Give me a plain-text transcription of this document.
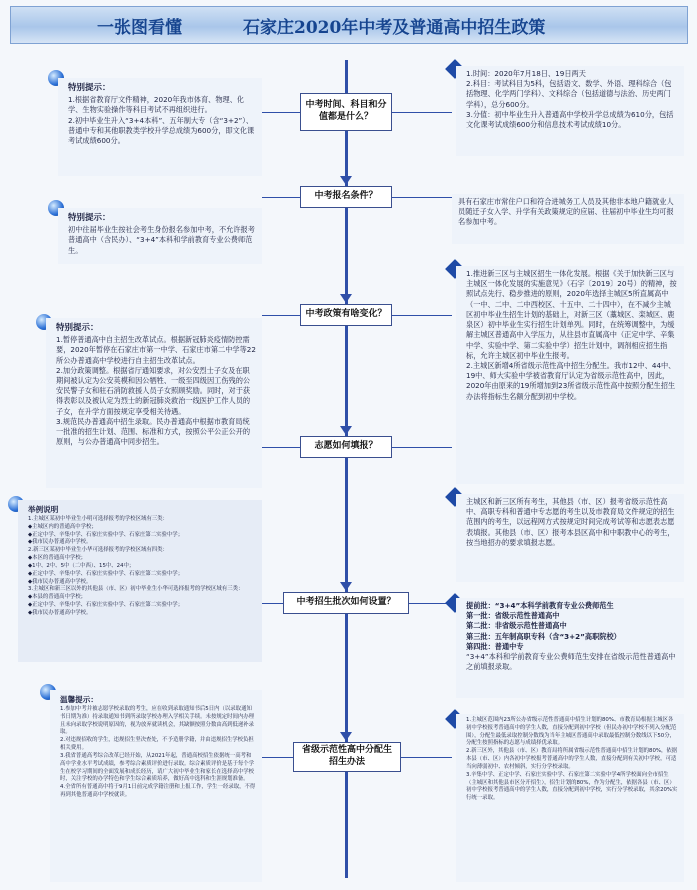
一张图看懂	石家庄2020年中考及普通高中招生政策
中考时间、科目和分值都是什么？
中考报名条件？
中考政策有啥变化？
志愿如何填报？
中考招生批次如何设置？
省级示范性高中分配生招生办法
特别提示：
1.根据省教育厅文件精神，2020年我市体育、物理、化学、生物实验操作等科目考试不再组织进行。
2.初中毕业生升入“3+4本科”、五年制大专（含“3+2”）、普通中专和其他职教类学校升学总成绩为600分，即文化课考试成绩600分。
特别提示：
初中往届毕业生按社会考生身份报名参加中考，不允许报考普通高中（含民办）、“3+4”本科和学前教育专业公费师范生。
特别提示：
1.暂停普通高中自主招生改革试点。根据新冠肺炎疫情防控需要，2020年暂停在石家庄市第一中学、石家庄市第二中学等22所公办普通高中学校进行自主招生改革试点。
2.加分政策调整。根据省厅通知要求，对公安烈士子女及在职期间被认定为公安英模和因公牺牲、一级至四级因工伤残的公安民警子女和驻石消防救援人员子女照顾奖励。同时，对于获得表彰以及被认定为烈士的新冠肺炎救治一线医护工作人员的子女，在升学方面按规定享受相关待遇。
3.规范民办普通高中招生录取。民办普通高中根据市教育局统一批准的招生计划、范围、标准和方式，按照公平公正公开的原则，与公办普通高中同步招生。
举例说明
1.主城区某初中毕业生小明可选择报考的学校区域有三类：
◆主城区内的普通高中学校；
◆正定中学、辛集中学、石家庄实验中学、石家庄第二实验中学；
◆我市民办普通高中学校。
2.新三区某初中毕业生小华可选择报考的学校区域有四类：
◆本区的普通高中学校；
◆1中、2中、5中（二中西）、15中、24中；
◆正定中学、辛集中学、石家庄实验中学、石家庄第二实验中学；
◆我市民办普通高中学校。
3.主城区和新三区以外的其他县（市、区）初中毕业生小华可选择报考的学校区域有三类：
◆本县的普通高中学校；
◆正定中学、辛集中学、石家庄实验中学、石家庄第二实验中学；
◆我市民办普通高中学校。
温馨提示：
1.参加中考并被志愿学校录取的考生，应在收到录取通知书后5日内（以录取通知书日期为准）持录取通知书到所录取学校办理入学相关手续。未按规定时间内办理且未向录取学校说明原因的，视为放弃就读机会，其缺额按照分数由高到低递补录取。
2.对违规招收的学生，违规招生坚决查处，不予造册学籍，并由违规招生学校负担相关费用。
3.我省普通高考综合改革已经开始，从2021年起，普通高校招生依据统一高考和高中学业水平考试成绩，参考综合素质评价进行录取。综合素质评价是基于每个学生在校学习期间的全面发展和成长经历，请广大初中毕业生和家长在选择高中学校时，关注学校的办学特色和学生综合素质培养，做好高中选科和生涯规划准备。
4.全省所有普通高中将于9月1日前完成学籍注册和上报工作，学生一经录取，不得再到其他普通高中学校就读。
1.时间：2020年7月18日、19日两天
2.科目：考试科目为5科，包括语文、数学、外语、理科综合（包括物理、化学两门学科）、文科综合（包括道德与法治、历史两门学科），总分600分。
3.分值：初中毕业生升入普通高中学校升学总成绩为610分，包括文化课考试成绩600分和信息技术考试成绩10分。
具有石家庄市常住户口和符合进城务工人员及其他非本地户籍就业人员随迁子女入学、升学有关政策规定的应届、往届初中毕业生均可报名参加中考。
1.推进新三区与主城区招生一体化发展。根据《关于加快新三区与主城区一体化发展的实施意见》（石字〔2019〕20号）的精神，按照试点先行、稳步推进的原则，2020年选择主城区5所直属高中（一中、二中、二中西校区、十五中、二十四中），在不减少主城区初中毕业生招生计划的基础上，对新三区（藁城区、栾城区、鹿泉区）初中毕业生实行招生计划单列。同时，在统筹调整中，为缓解主城区普通高中入学压力，从往县市直属高中（正定中学、辛集中学、实验中学、第二实验中学）招生计划中，调剂相应招生指标，允许主城区初中毕业生报考。
2.主城区新增4所省级示范性高中招生分配生。我市12中、44中、19中、师大实验中学被省教育厅认定为省级示范性高中，因此，2020年由原来的19所增加到23所省级示范性高中按照分配生招生办法将指标生名额分配到初中学校。
主城区和新三区所有考生，其他县（市、区）报考省级示范性高中、高职专科和普通中专志愿的考生以及市教育局文件规定的招生范围内的考生，以远程网方式按规定时间完成考试等和志愿表志愿表填报。其他县（市、区）报考本县区高中和中职教中心的考生，按当地招办的要求填报志愿。
提前批：“3+4”本科学前教育专业公费师范生
第一批：省级示范性普通高中
第二批：非省级示范性普通高中
第三批：五年制高职专科（含“3+2”高职院校）
第四批：普通中专
“3+4”本科和学前教育专业公费师范生安排在省级示范性普通高中之前填报录取。
1.主城区范围内23所公办省级示范性普通高中招生计划的80%、市教育局根据主城区各初中学校报考普通高中的学生人数，直接分配到初中学校（但民办初中学校不列入分配范围），分配生最低录取控制分数线为当年主城区普通高中录取最低控制分数线以下50分，分配生按照指标的志愿与成绩择优录取。
2.新三区外，其他县（市、区）教育局将所属省级示范性普通高中招生计划的80%，依据本县（市、区）内各初中学校报考普通高中的学生人数，直接分配到有关初中学校，可适当向薄弱初中、农村倾斜，实行分学校录取。
3.辛集中学、正定中学、石家庄实验中学、石家庄第二实验中学4所学校面向全市招生（主城区和其他县市区分开招生），招生计划的80%，作为分配生，依据各县（市、区）初中学校报考普通高中的学生人数，直接分配到初中学校，实行分学校录取，其余20%实行统一录取。
